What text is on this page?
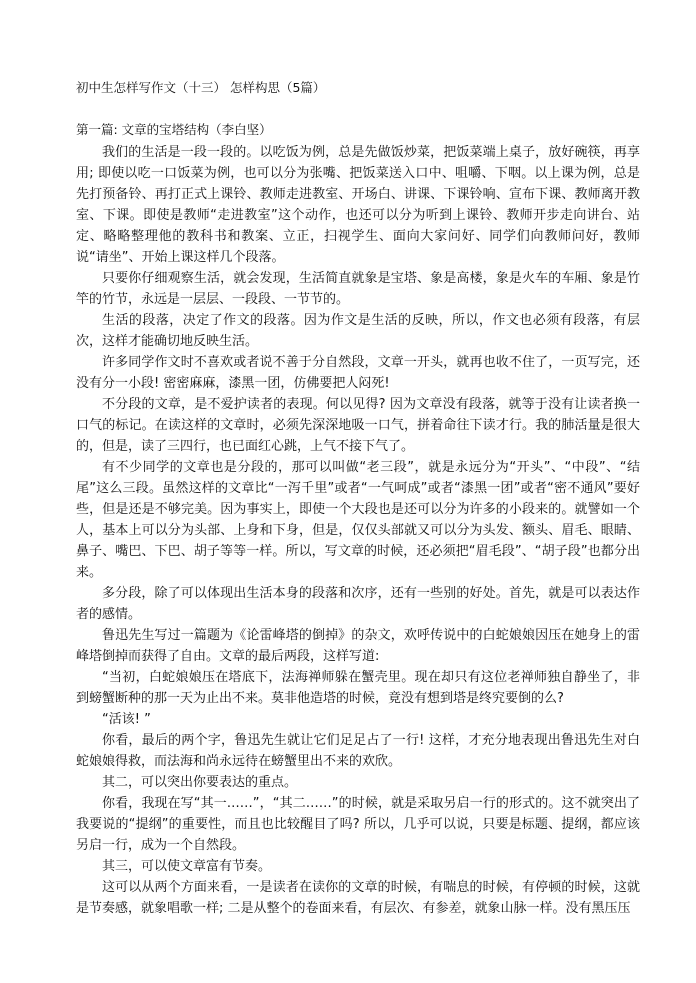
初中生怎样写作文（十三） 怎样构思（5篇）
第一篇: 文章的宝塔结构（李白坚）

我们的生活是一段一段的。以吃饭为例，总是先做饭炒菜，把饭菜端上桌子，放好碗筷，再享用; 即使以吃一口饭菜为例，也可以分为张嘴、把饭菜送入口中、咀嚼、下咽。以上课为例，总是先打预备铃、再打正式上课铃、教师走进教室、开场白、讲课、下课铃响、宣布下课、教师离开教室、下课。即使是教师“走进教室”这个动作，也还可以分为听到上课铃、教师开步走向讲台、站定、略略整理他的教科书和教案、立正，扫视学生、面向大家问好、同学们向教师问好，教师说“请坐”、开始上课这样几个段落。

只要你仔细观察生活，就会发现，生活简直就象是宝塔、象是高楼，象是火车的车厢、象是竹竿的竹节，永远是一层层、一段段、一节节的。

生活的段落，决定了作文的段落。因为作文是生活的反映，所以，作文也必须有段落，有层次，这样才能确切地反映生活。

许多同学作文时不喜欢或者说不善于分自然段，文章一开头，就再也收不住了，一页写完，还没有分一小段! 密密麻麻，漆黑一团，仿佛要把人闷死!

不分段的文章，是不爱护读者的表现。何以见得? 因为文章没有段落，就等于没有让读者换一口气的标记。在读这样的文章时，必须先深深地吸一口气，拼着命往下读才行。我的肺活量是很大的，但是，读了三四行，也已面红心跳，上气不接下气了。

有不少同学的文章也是分段的，那可以叫做“老三段”，就是永远分为“开头”、“中段”、“结尾”这么三段。虽然这样的文章比“一泻千里”或者“一气呵成”或者“漆黑一团”或者“密不通风”要好些，但是还是不够完美。因为事实上，即使一个大段也是还可以分为许多的小段来的。就譬如一个人，基本上可以分为头部、上身和下身，但是，仅仅头部就又可以分为头发、额头、眉毛、眼睛、鼻子、嘴巴、下巴、胡子等等一样。所以，写文章的时候，还必须把“眉毛段”、“胡子段”也都分出来。

多分段，除了可以体现出生活本身的段落和次序，还有一些别的好处。首先，就是可以表达作者的感情。

鲁迅先生写过一篇题为《论雷峰塔的倒掉》的杂文，欢呼传说中的白蛇娘娘因压在她身上的雷峰塔倒掉而获得了自由。文章的最后两段，这样写道:

“当初，白蛇娘娘压在塔底下，法海禅师躲在蟹壳里。现在却只有这位老禅师独自静坐了，非到螃蟹断种的那一天为止出不来。莫非他造塔的时候，竟没有想到塔是终究要倒的么?

“活该! ”

你看，最后的两个字，鲁迅先生就让它们足足占了一行! 这样，才充分地表现出鲁迅先生对白蛇娘娘得救，而法海和尚永远待在螃蟹里出不来的欢欣。

其二，可以突出你要表达的重点。

你看，我现在写“其一……”，“其二……”的时候，就是采取另启一行的形式的。这不就突出了我要说的“提纲”的重要性，而且也比较醒目了吗? 所以，几乎可以说，只要是标题、提纲，都应该另启一行，成为一个自然段。

其三，可以使文章富有节奏。

这可以从两个方面来看，一是读者在读你的文章的时候，有喘息的时候，有停顿的时候，这就是节奏感，就象唱歌一样; 二是从整个的卷面来看，有层次、有参差，就象山脉一样。没有黑压压
